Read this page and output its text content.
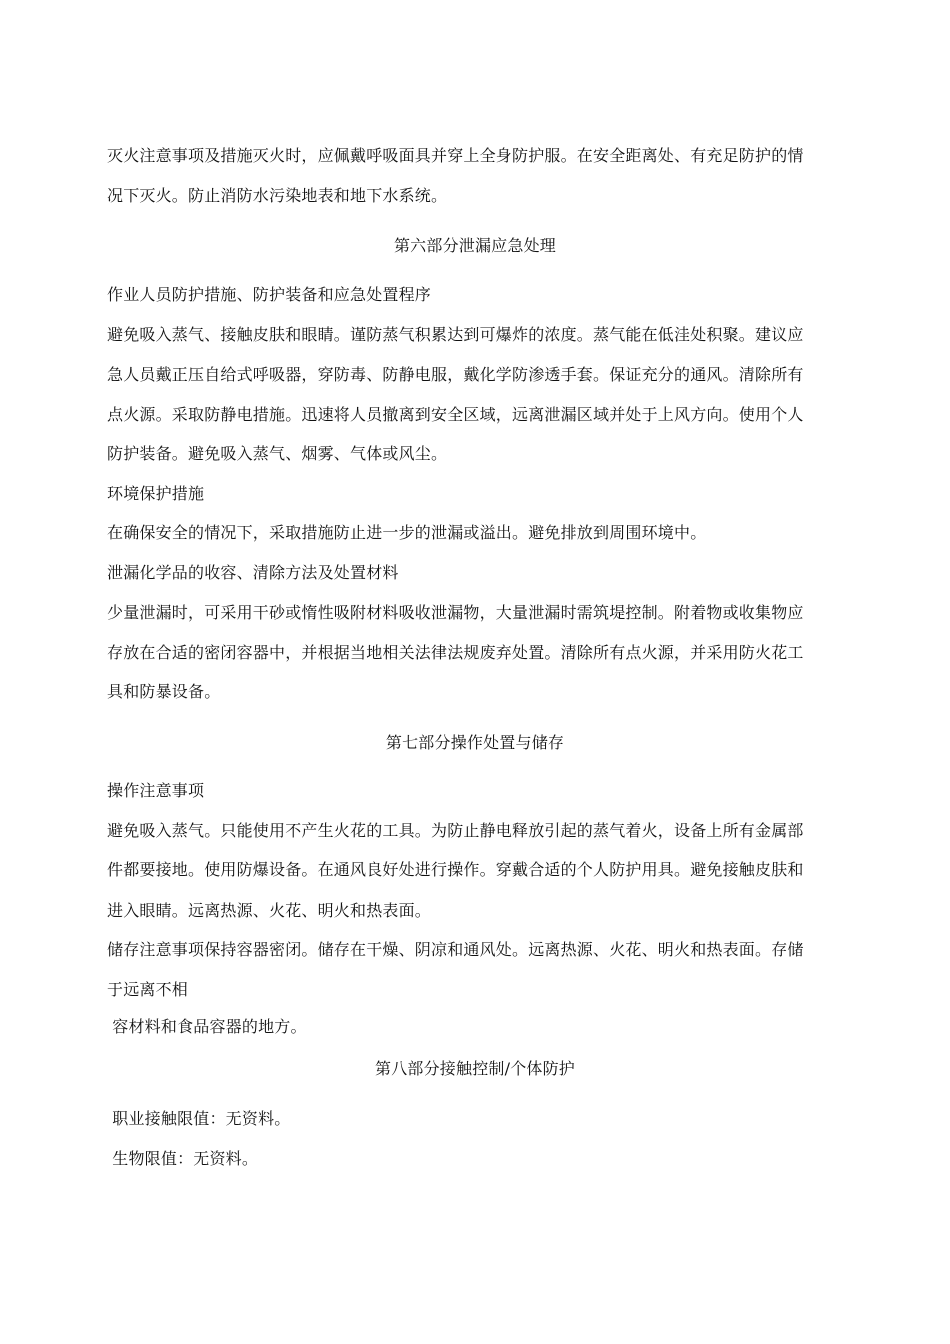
灭火注意事项及措施灭火时，应佩戴呼吸面具并穿上全身防护服。在安全距离处、有充足防护的情
况下灭火。防止消防水污染地表和地下水系统。
第六部分泄漏应急处理
作业人员防护措施、防护装备和应急处置程序
避免吸入蒸气、接触皮肤和眼睛。谨防蒸气积累达到可爆炸的浓度。蒸气能在低洼处积聚。建议应
急人员戴正压自给式呼吸器，穿防毒、防静电服，戴化学防渗透手套。保证充分的通风。清除所有
点火源。采取防静电措施。迅速将人员撤离到安全区域，远离泄漏区域并处于上风方向。使用个人
防护装备。避免吸入蒸气、烟雾、气体或风尘。
环境保护措施
在确保安全的情况下，采取措施防止进一步的泄漏或溢出。避免排放到周围环境中。
泄漏化学品的收容、清除方法及处置材料
少量泄漏时，可采用干砂或惰性吸附材料吸收泄漏物，大量泄漏时需筑堤控制。附着物或收集物应
存放在合适的密闭容器中，并根据当地相关法律法规废弃处置。清除所有点火源，并采用防火花工
具和防暴设备。
第七部分操作处置与储存
操作注意事项
避免吸入蒸气。只能使用不产生火花的工具。为防止静电释放引起的蒸气着火，设备上所有金属部
件都要接地。使用防爆设备。在通风良好处进行操作。穿戴合适的个人防护用具。避免接触皮肤和
进入眼睛。远离热源、火花、明火和热表面。
储存注意事项保持容器密闭。储存在干燥、阴凉和通风处。远离热源、火花、明火和热表面。存储
于远离不相
容材料和食品容器的地方。
第八部分接触控制/个体防护
职业接触限值：无资料。
生物限值：无资料。
